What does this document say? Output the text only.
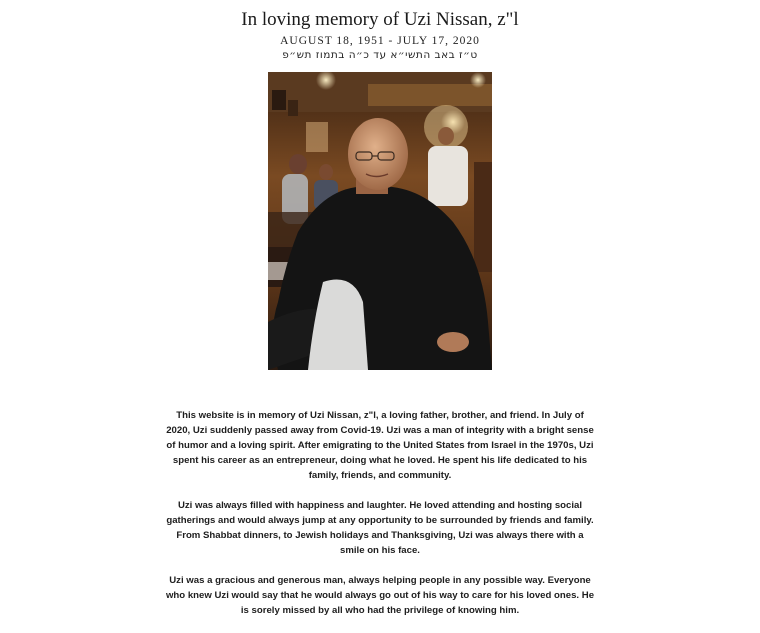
In loving memory of Uzi Nissan, z"l
AUGUST 18, 1951 - JULY 17, 2020
ט״ז באב התשי״א עד כ״ה בתמוז תש״פ

This website is in memory of Uzi Nissan, z"l, a loving father, brother, and friend. In July of 2020, Uzi suddenly passed away from Covid-19. Uzi was a man of integrity with a bright sense of humor and a loving spirit. After emigrating to the United States from Israel in the 1970s, Uzi spent his career as an entrepreneur, doing what he loved. He spent his life dedicated to his family, friends, and community.

Uzi was always filled with happiness and laughter. He loved attending and hosting social gatherings and would always jump at any opportunity to be surrounded by friends and family. From Shabbat dinners, to Jewish holidays and Thanksgiving, Uzi was always there with a smile on his face.

Uzi was a gracious and generous man, always helping people in any possible way. Everyone who knew Uzi would say that he would always go out of his way to care for his loved ones. He is sorely missed by all who had the privilege of knowing him.
